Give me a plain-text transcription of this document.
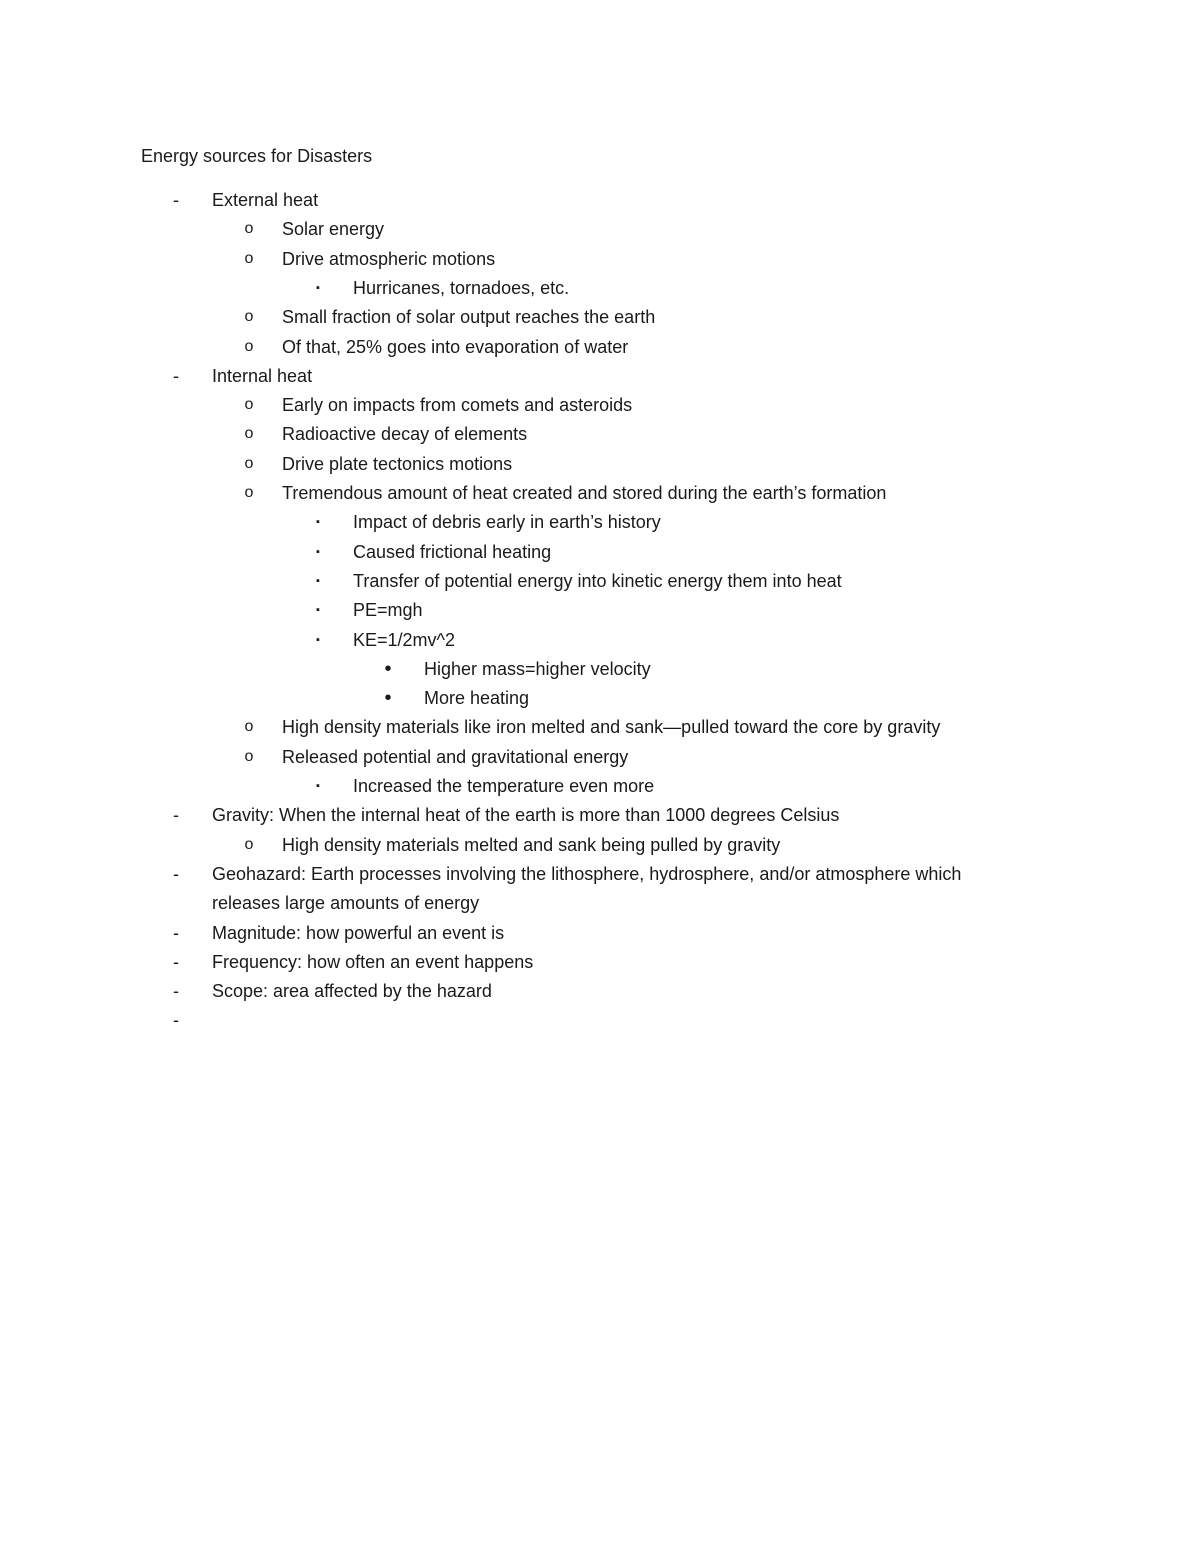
Energy sources for Disasters
-	External heat
o	Solar energy
o	Drive atmospheric motions
▪	Hurricanes, tornadoes, etc.
o	Small fraction of solar output reaches the earth
o	Of that, 25% goes into evaporation of water
-	Internal heat
o	Early on impacts from comets and asteroids
o	Radioactive decay of elements
o	Drive plate tectonics motions
o	Tremendous amount of heat created and stored during the earth’s formation
▪	Impact of debris early in earth’s history
▪	Caused frictional heating
▪	Transfer of potential energy into kinetic energy them into heat
▪	PE=mgh
▪	KE=1/2mv^2
•	Higher mass=higher velocity
•	More heating
o	High density materials like iron melted and sank—pulled toward the core by gravity
o	Released potential and gravitational energy
▪	Increased the temperature even more
-	Gravity: When the internal heat of the earth is more than 1000 degrees Celsius
o	High density materials melted and sank being pulled by gravity
-	Geohazard: Earth processes involving the lithosphere, hydrosphere, and/or atmosphere which
releases large amounts of energy
-	Magnitude: how powerful an event is
-	Frequency: how often an event happens
-	Scope: area affected by the hazard
-
